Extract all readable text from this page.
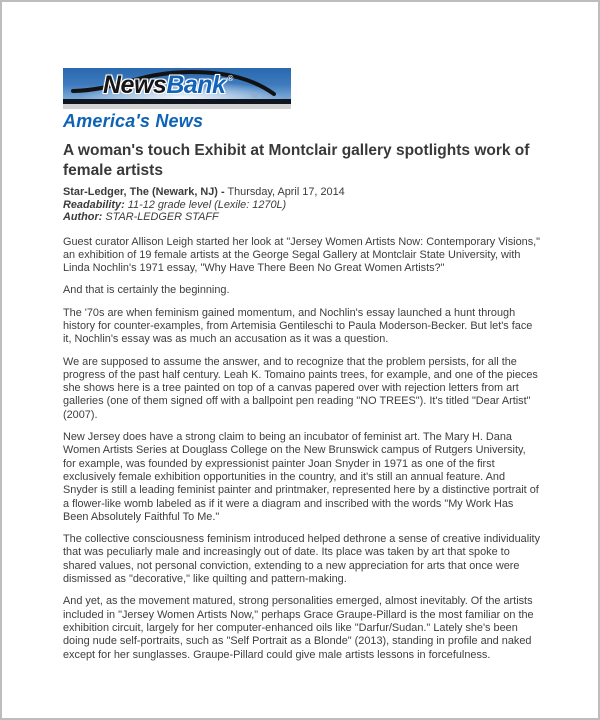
NewsBank ®
TM
America's News
A woman's touch Exhibit at Montclair gallery spotlights work of female artists
Star-Ledger, The (Newark, NJ) - Thursday, April 17, 2014
Readability: 11-12 grade level (Lexile: 1270L)
Author: STAR-LEDGER STAFF

Guest curator Allison Leigh started her look at "Jersey Women Artists Now: Contemporary Visions," an exhibition of 19 female artists at the George Segal Gallery at Montclair State University, with Linda Nochlin's 1971 essay, "Why Have There Been No Great Women Artists?"

And that is certainly the beginning.

The '70s are when feminism gained momentum, and Nochlin's essay launched a hunt through history for counter-examples, from Artemisia Gentileschi to Paula Moderson-Becker. But let's face it, Nochlin's essay was as much an accusation as it was a question.

We are supposed to assume the answer, and to recognize that the problem persists, for all the progress of the past half century. Leah K. Tomaino paints trees, for example, and one of the pieces she shows here is a tree painted on top of a canvas papered over with rejection letters from art galleries (one of them signed off with a ballpoint pen reading "NO TREES"). It's titled "Dear Artist" (2007).

New Jersey does have a strong claim to being an incubator of feminist art. The Mary H. Dana Women Artists Series at Douglass College on the New Brunswick campus of Rutgers University, for example, was founded by expressionist painter Joan Snyder in 1971 as one of the first exclusively female exhibition opportunities in the country, and it's still an annual feature. And Snyder is still a leading feminist painter and printmaker, represented here by a distinctive portrait of a flower-like womb labeled as if it were a diagram and inscribed with the words "My Work Has Been Absolutely Faithful To Me."

The collective consciousness feminism introduced helped dethrone a sense of creative individuality that was peculiarly male and increasingly out of date. Its place was taken by art that spoke to shared values, not personal conviction, extending to a new appreciation for arts that once were dismissed as "decorative," like quilting and pattern-making.

And yet, as the movement matured, strong personalities emerged, almost inevitably. Of the artists included in "Jersey Women Artists Now," perhaps Grace Graupe-Pillard is the most familiar on the exhibition circuit, largely for her computer-enhanced oils like "Darfur/Sudan." Lately she's been doing nude self-portraits, such as "Self Portrait as a Blonde" (2013), standing in profile and naked except for her sunglasses. Graupe-Pillard could give male artists lessons in forcefulness.
